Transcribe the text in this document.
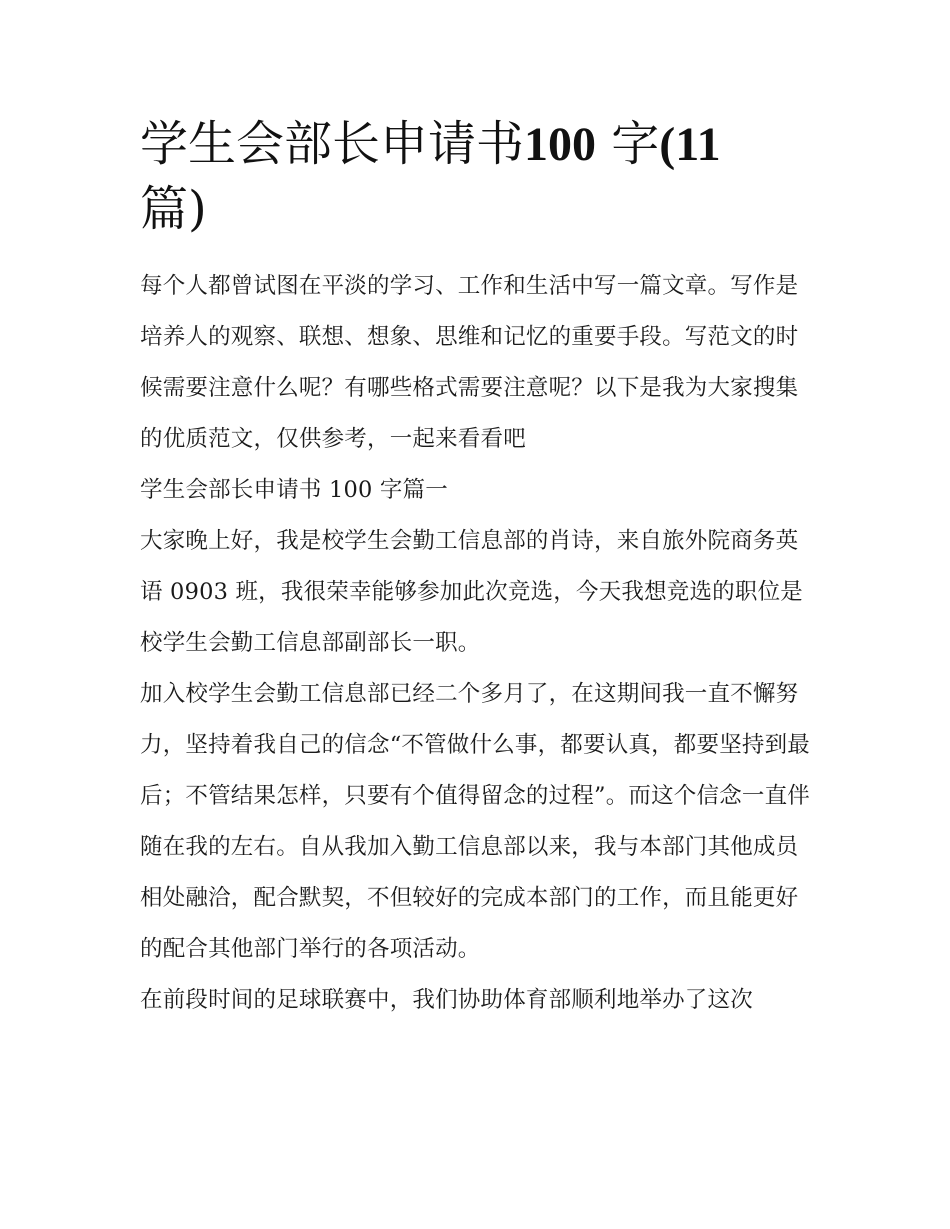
学生会部长申请书100 字(11
篇)

每个人都曾试图在平淡的学习、工作和生活中写一篇文章。写作是培养人的观察、联想、想象、思维和记忆的重要手段。写范文的时候需要注意什么呢？有哪些格式需要注意呢？以下是我为大家搜集的优质范文，仅供参考，一起来看看吧

学生会部长申请书 100 字篇一

大家晚上好，我是校学生会勤工信息部的肖诗，来自旅外院商务英语 0903 班，我很荣幸能够参加此次竞选，今天我想竞选的职位是校学生会勤工信息部副部长一职。

加入校学生会勤工信息部已经二个多月了，在这期间我一直不懈努力，坚持着我自己的信念“不管做什么事，都要认真，都要坚持到最后；不管结果怎样，只要有个值得留念的过程”。而这个信念一直伴随在我的左右。自从我加入勤工信息部以来，我与本部门其他成员相处融洽，配合默契，不但较好的完成本部门的工作，而且能更好的配合其他部门举行的各项活动。

在前段时间的足球联赛中，我们协助体育部顺利地举办了这次
